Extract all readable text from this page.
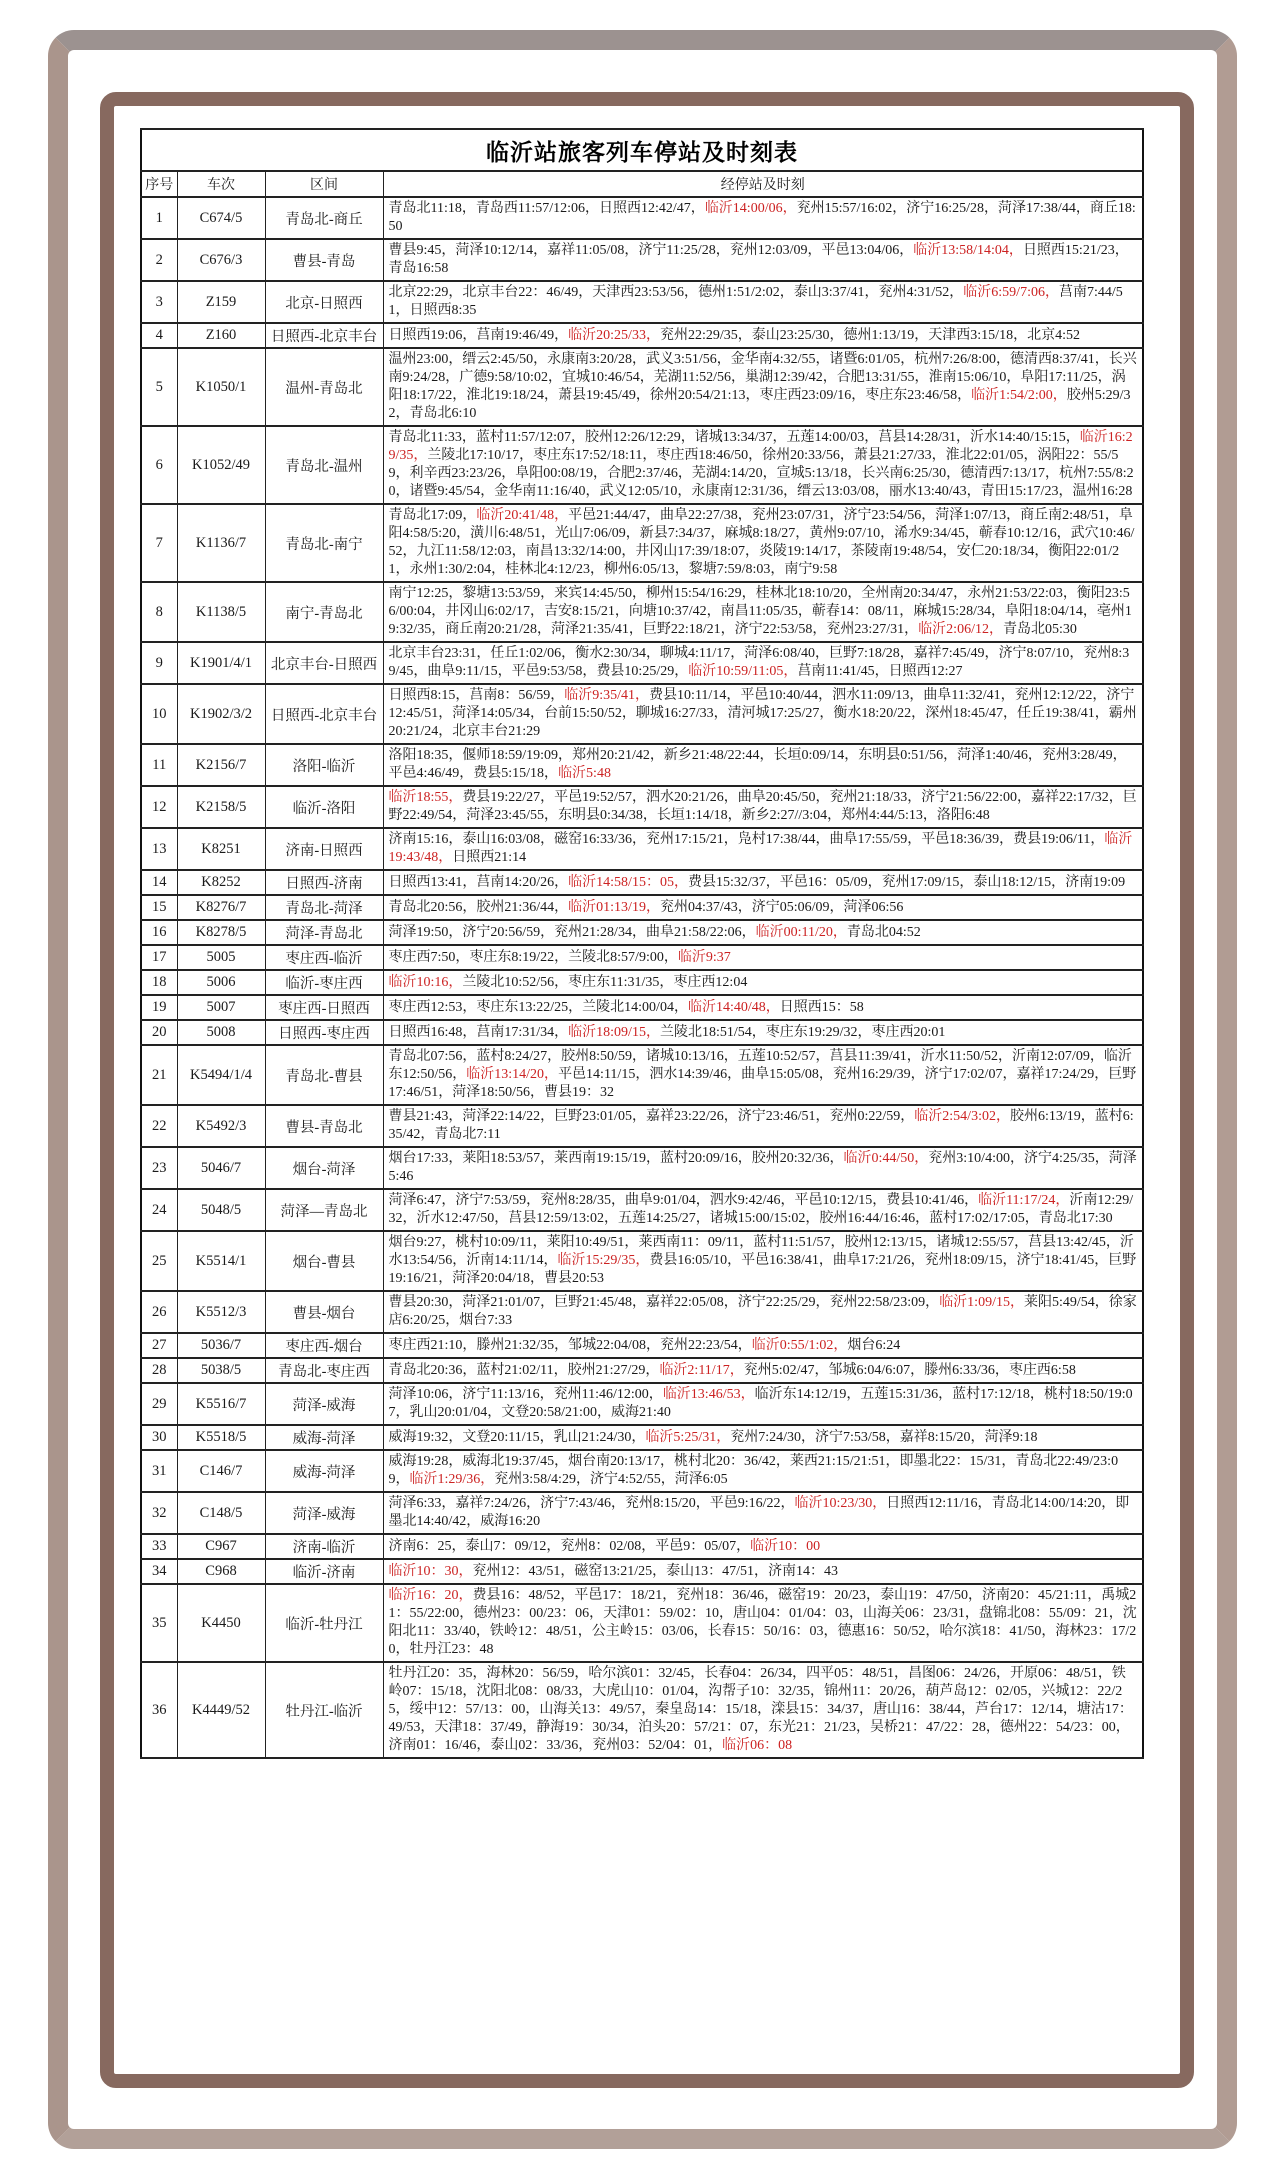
临沂站旅客列车停站及时刻表			
序号	车次	区间	经停站及时刻
1	C674/5	青岛北-商丘	青岛北11:18，青岛西11:57/12:06，日照西12:42/47，临沂14:00/06，兖州15:57/16:02，济宁16:25/28，菏泽17:38/44，商丘18:50
2	C676/3	曹县-青岛	曹县9:45，菏泽10:12/14，嘉祥11:05/08，济宁11:25/28，兖州12:03/09，平邑13:04/06，临沂13:58/14:04，日照西15:21/23，青岛16:58
3	Z159	北京-日照西	北京22:29，北京丰台22：46/49，天津西23:53/56，德州1:51/2:02，泰山3:37/41，兖州4:31/52，临沂6:59/7:06，莒南7:44/51，日照西8:35
4	Z160	日照西-北京丰台	日照西19:06，莒南19:46/49，临沂20:25/33，兖州22:29/35，泰山23:25/30，德州1:13/19，天津西3:15/18，北京4:52
5	K1050/1	温州-青岛北	温州23:00，缙云2:45/50，永康南3:20/28，武义3:51/56，金华南4:32/55，诸暨6:01/05，杭州7:26/8:00，德清西8:37/41，长兴南9:24/28，广德9:58/10:02，宜城10:46/54，芜湖11:52/56，巢湖12:39/42，合肥13:31/55，淮南15:06/10，阜阳17:11/25，涡阳18:17/22，淮北19:18/24，萧县19:45/49，徐州20:54/21:13，枣庄西23:09/16，枣庄东23:46/58，临沂1:54/2:00，胶州5:29/32，青岛北6:10
6	K1052/49	青岛北-温州	青岛北11:33，蓝村11:57/12:07，胶州12:26/12:29，诸城13:34/37，五莲14:00/03，莒县14:28/31，沂水14:40/15:15，临沂16:29/35，兰陵北17:10/17，枣庄东17:52/18:11，枣庄西18:46/50，徐州20:33/56，萧县21:27/33，淮北22:01/05，涡阳22：55/59，利辛西23:23/26，阜阳00:08/19，合肥2:37/46，芜湖4:14/20，宣城5:13/18，长兴南6:25/30，德清西7:13/17，杭州7:55/8:20，诸暨9:45/54，金华南11:16/40，武义12:05/10，永康南12:31/36，缙云13:03/08，丽水13:40/43，青田15:17/23，温州16:28
7	K1136/7	青岛北-南宁	青岛北17:09，临沂20:41/48，平邑21:44/47，曲阜22:27/38，兖州23:07/31，济宁23:54/56，菏泽1:07/13，商丘南2:48/51，阜阳4:58/5:20，潢川6:48/51，光山7:06/09，新县7:34/37，麻城8:18/27，黄州9:07/10，浠水9:34/45，蕲春10:12/16，武穴10:46/52，九江11:58/12:03，南昌13:32/14:00，井冈山17:39/18:07，炎陵19:14/17，茶陵南19:48/54，安仁20:18/34，衡阳22:01/21，永州1:30/2:04，桂林北4:12/23，柳州6:05/13，黎塘7:59/8:03，南宁9:58
8	K1138/5	南宁-青岛北	南宁12:25，黎塘13:53/59，来宾14:45/50，柳州15:54/16:29，桂林北18:10/20，全州南20:34/47，永州21:53/22:03，衡阳23:56/00:04，井冈山6:02/17，吉安8:15/21，向塘10:37/42，南昌11:05/35，蕲春14：08/11，麻城15:28/34，阜阳18:04/14，亳州19:32/35，商丘南20:21/28，菏泽21:35/41，巨野22:18/21，济宁22:53/58，兖州23:27/31，临沂2:06/12，青岛北05:30
9	K1901/4/1	北京丰台-日照西	北京丰台23:31，任丘1:02/06，衡水2:30/34，聊城4:11/17，菏泽6:08/40，巨野7:18/28，嘉祥7:45/49，济宁8:07/10，兖州8:39/45，曲阜9:11/15，平邑9:53/58，费县10:25/29，临沂10:59/11:05，莒南11:41/45，日照西12:27
10	K1902/3/2	日照西-北京丰台	日照西8:15，莒南8：56/59，临沂9:35/41，费县10:11/14，平邑10:40/44，泗水11:09/13，曲阜11:32/41，兖州12:12/22，济宁12:45/51，菏泽14:05/34，台前15:50/52，聊城16:27/33，清河城17:25/27，衡水18:20/22，深州18:45/47，任丘19:38/41，霸州20:21/24，北京丰台21:29
11	K2156/7	洛阳-临沂	洛阳18:35，偃师18:59/19:09，郑州20:21/42，新乡21:48/22:44，长垣0:09/14，东明县0:51/56，菏泽1:40/46，兖州3:28/49，平邑4:46/49，费县5:15/18，临沂5:48
12	K2158/5	临沂-洛阳	临沂18:55，费县19:22/27，平邑19:52/57，泗水20:21/26，曲阜20:45/50，兖州21:18/33，济宁21:56/22:00，嘉祥22:17/32，巨野22:49/54，菏泽23:45/55，东明县0:34/38，长垣1:14/18，新乡2:27//3:04，郑州4:44/5:13，洛阳6:48
13	K8251	济南-日照西	济南15:16，泰山16:03/08，磁窑16:33/36，兖州17:15/21，凫村17:38/44，曲阜17:55/59，平邑18:36/39，费县19:06/11，临沂19:43/48，日照西21:14
14	K8252	日照西-济南	日照西13:41，莒南14:20/26，临沂14:58/15：05，费县15:32/37，平邑16：05/09，兖州17:09/15，泰山18:12/15，济南19:09
15	K8276/7	青岛北-菏泽	青岛北20:56，胶州21:36/44，临沂01:13/19，兖州04:37/43，济宁05:06/09，菏泽06:56
16	K8278/5	菏泽-青岛北	菏泽19:50，济宁20:56/59，兖州21:28/34，曲阜21:58/22:06，临沂00:11/20，青岛北04:52
17	5005	枣庄西-临沂	枣庄西7:50，枣庄东8:19/22，兰陵北8:57/9:00，临沂9:37
18	5006	临沂-枣庄西	临沂10:16，兰陵北10:52/56，枣庄东11:31/35，枣庄西12:04
19	5007	枣庄西-日照西	枣庄西12:53，枣庄东13:22/25，兰陵北14:00/04，临沂14:40/48，日照西15：58
20	5008	日照西-枣庄西	日照西16:48，莒南17:31/34，临沂18:09/15，兰陵北18:51/54，枣庄东19:29/32，枣庄西20:01
21	K5494/1/4	青岛北-曹县	青岛北07:56，蓝村8:24/27，胶州8:50/59，诸城10:13/16，五莲10:52/57，莒县11:39/41，沂水11:50/52，沂南12:07/09，临沂东12:50/56，临沂13:14/20，平邑14:11/15，泗水14:39/46，曲阜15:05/08，兖州16:29/39，济宁17:02/07，嘉祥17:24/29，巨野17:46/51，菏泽18:50/56，曹县19：32
22	K5492/3	曹县-青岛北	曹县21:43，菏泽22:14/22，巨野23:01/05，嘉祥23:22/26，济宁23:46/51，兖州0:22/59，临沂2:54/3:02，胶州6:13/19，蓝村6:35/42，青岛北7:11
23	5046/7	烟台-菏泽	烟台17:33，莱阳18:53/57，莱西南19:15/19，蓝村20:09/16，胶州20:32/36，临沂0:44/50，兖州3:10/4:00，济宁4:25/35，菏泽5:46
24	5048/5	菏泽—青岛北	菏泽6:47，济宁7:53/59，兖州8:28/35，曲阜9:01/04，泗水9:42/46，平邑10:12/15，费县10:41/46，临沂11:17/24，沂南12:29/32，沂水12:47/50，莒县12:59/13:02，五莲14:25/27，诸城15:00/15:02，胶州16:44/16:46，蓝村17:02/17:05，青岛北17:30
25	K5514/1	烟台-曹县	烟台9:27，桃村10:09/11，莱阳10:49/51，莱西南11：09/11，蓝村11:51/57，胶州12:13/15，诸城12:55/57，莒县13:42/45，沂水13:54/56，沂南14:11/14，临沂15:29/35，费县16:05/10，平邑16:38/41，曲阜17:21/26，兖州18:09/15，济宁18:41/45，巨野19:16/21，菏泽20:04/18，曹县20:53
26	K5512/3	曹县-烟台	曹县20:30，菏泽21:01/07，巨野21:45/48，嘉祥22:05/08，济宁22:25/29，兖州22:58/23:09，临沂1:09/15，莱阳5:49/54，徐家店6:20/25，烟台7:33
27	5036/7	枣庄西-烟台	枣庄西21:10，滕州21:32/35，邹城22:04/08，兖州22:23/54，临沂0:55/1:02，烟台6:24
28	5038/5	青岛北-枣庄西	青岛北20:36，蓝村21:02/11，胶州21:27/29，临沂2:11/17，兖州5:02/47，邹城6:04/6:07，滕州6:33/36，枣庄西6:58
29	K5516/7	菏泽-威海	菏泽10:06，济宁11:13/16，兖州11:46/12:00，临沂13:46/53，临沂东14:12/19，五莲15:31/36，蓝村17:12/18，桃村18:50/19:07，乳山20:01/04，文登20:58/21:00，威海21:40
30	K5518/5	威海-菏泽	威海19:32，文登20:11/15，乳山21:24/30，临沂5:25/31，兖州7:24/30，济宁7:53/58，嘉祥8:15/20，菏泽9:18
31	C146/7	威海-菏泽	威海19:28，威海北19:37/45，烟台南20:13/17，桃村北20：36/42，莱西21:15/21:51，即墨北22：15/31，青岛北22:49/23:09，临沂1:29/36，兖州3:58/4:29，济宁4:52/55，菏泽6:05
32	C148/5	菏泽-威海	菏泽6:33，嘉祥7:24/26，济宁7:43/46，兖州8:15/20，平邑9:16/22，临沂10:23/30，日照西12:11/16，青岛北14:00/14:20，即墨北14:40/42，威海16:20
33	C967	济南-临沂	济南6：25，泰山7：09/12，兖州8：02/08，平邑9：05/07，临沂10：00
34	C968	临沂-济南	临沂10：30，兖州12：43/51，磁窑13:21/25，泰山13：47/51，济南14：43
35	K4450	临沂-牡丹江	临沂16：20，费县16：48/52，平邑17：18/21，兖州18：36/46，磁窑19：20/23，泰山19：47/50，济南20：45/21:11，禹城21：55/22:00，德州23：00/23：06，天津01：59/02：10，唐山04：01/04：03，山海关06：23/31，盘锦北08：55/09：21，沈阳北11：33/40，铁岭12：48/51，公主岭15：03/06，长春15：50/16：03，德惠16：50/52，哈尔滨18：41/50，海林23：17/20，牡丹江23：48
36	K4449/52	牡丹江-临沂	牡丹江20：35，海林20：56/59，哈尔滨01：32/45，长春04：26/34，四平05：48/51，昌图06：24/26，开原06：48/51，铁岭07：15/18，沈阳北08：08/33，大虎山10：01/04，沟帮子10：32/35，锦州11：20/26，葫芦岛12：02/05，兴城12：22/25，绥中12：57/13：00，山海关13：49/57，秦皇岛14：15/18，滦县15：34/37，唐山16：38/44，芦台17：12/14，塘沽17：49/53，天津18：37/49，静海19：30/34，泊头20：57/21：07，东光21：21/23，吴桥21：47/22：28，德州22：54/23：00，济南01：16/46，泰山02：33/36，兖州03：52/04：01，临沂06：08
